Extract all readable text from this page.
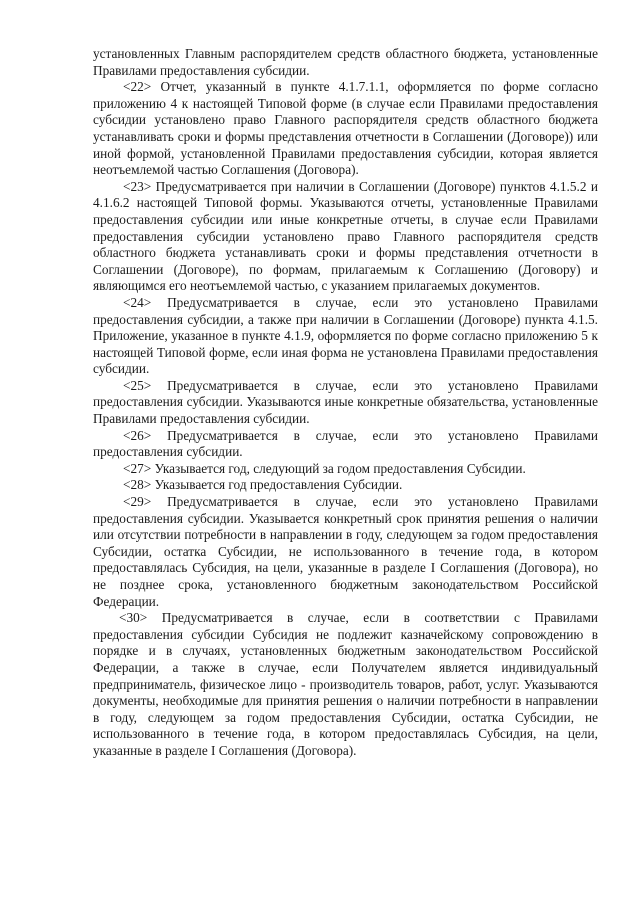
установленных Главным распорядителем средств областного бюджета, установленные Правилами предоставления субсидии.

<22> Отчет, указанный в пункте 4.1.7.1.1, оформляется по форме согласно приложению 4 к настоящей Типовой форме (в случае если Правилами предоставления субсидии установлено право Главного распорядителя средств областного бюджета устанавливать сроки и формы представления отчетности в Соглашении (Договоре)) или иной формой, установленной Правилами предоставления субсидии, которая является неотъемлемой частью Соглашения (Договора).

<23> Предусматривается при наличии в Соглашении (Договоре) пунктов 4.1.5.2 и 4.1.6.2 настоящей Типовой формы. Указываются отчеты, установленные Правилами предоставления субсидии или иные конкретные отчеты, в случае если Правилами предоставления субсидии установлено право Главного распорядителя средств областного бюджета устанавливать сроки и формы представления отчетности в Соглашении (Договоре), по формам, прилагаемым к Соглашению (Договору) и являющимся его неотъемлемой частью, с указанием прилагаемых документов.

<24> Предусматривается в случае, если это установлено Правилами предоставления субсидии, а также при наличии в Соглашении (Договоре) пункта 4.1.5. Приложение, указанное в пункте 4.1.9, оформляется по форме согласно приложению 5 к настоящей Типовой форме, если иная форма не установлена Правилами предоставления субсидии.

<25> Предусматривается в случае, если это установлено Правилами предоставления субсидии. Указываются иные конкретные обязательства, установленные Правилами предоставления субсидии.

<26> Предусматривается в случае, если это установлено Правилами предоставления субсидии.

<27> Указывается год, следующий за годом предоставления Субсидии.

<28> Указывается год предоставления Субсидии.

<29> Предусматривается в случае, если это установлено Правилами предоставления субсидии. Указывается конкретный срок принятия решения о наличии или отсутствии потребности в направлении в году, следующем за годом предоставления Субсидии, остатка Субсидии, не использованного в течение года, в котором предоставлялась Субсидия, на цели, указанные в разделе I Соглашения (Договора), но не позднее срока, установленного бюджетным законодательством Российской Федерации.

<30> Предусматривается в случае, если в соответствии с Правилами предоставления субсидии Субсидия не подлежит казначейскому сопровождению в порядке и в случаях, установленных бюджетным законодательством Российской Федерации, а также в случае, если Получателем является индивидуальный предприниматель, физическое лицо - производитель товаров, работ, услуг. Указываются документы, необходимые для принятия решения о наличии потребности в направлении в году, следующем за годом предоставления Субсидии, остатка Субсидии, не использованного в течение года, в котором предоставлялась Субсидия, на цели, указанные в разделе I Соглашения (Договора).
